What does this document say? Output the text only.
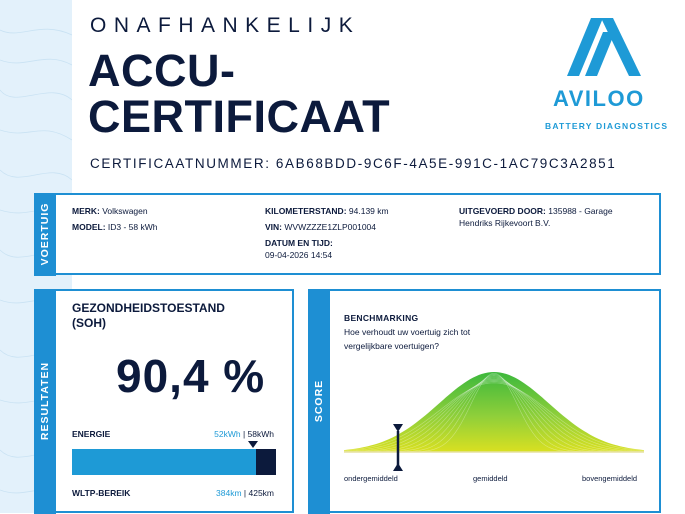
ONAFHANKELIJK
ACCU-
CERTIFICAAT
CERTIFICAATNUMMER: 6AB68BDD-9C6F-4A5E-991C-1AC79C3A2851
AVILOO
BATTERY DIAGNOSTICS
VOERTUIG	MERK: Volkswagen
MODEL: ID3 - 58 kWh
KILOMETERSTAND: 94.139 km
VIN: WVWZZZE1ZLP001004
DATUM EN TIJD:
09-04-2026 14:54
UITGEVOERD DOOR: 135988 - Garage Hendriks Rijkevoort B.V.
RESULTATEN
GEZONDHEIDSTOESTAND
(SOH)
90,4 %
ENERGIE	52kWh | 58kWh
WLTP-BEREIK	384km | 425km
SCORE
BENCHMARKING
Hoe verhoudt uw voertuig zich tot vergelijkbare voertuigen?
ondergemiddeld	gemiddeld	bovengemiddeld
